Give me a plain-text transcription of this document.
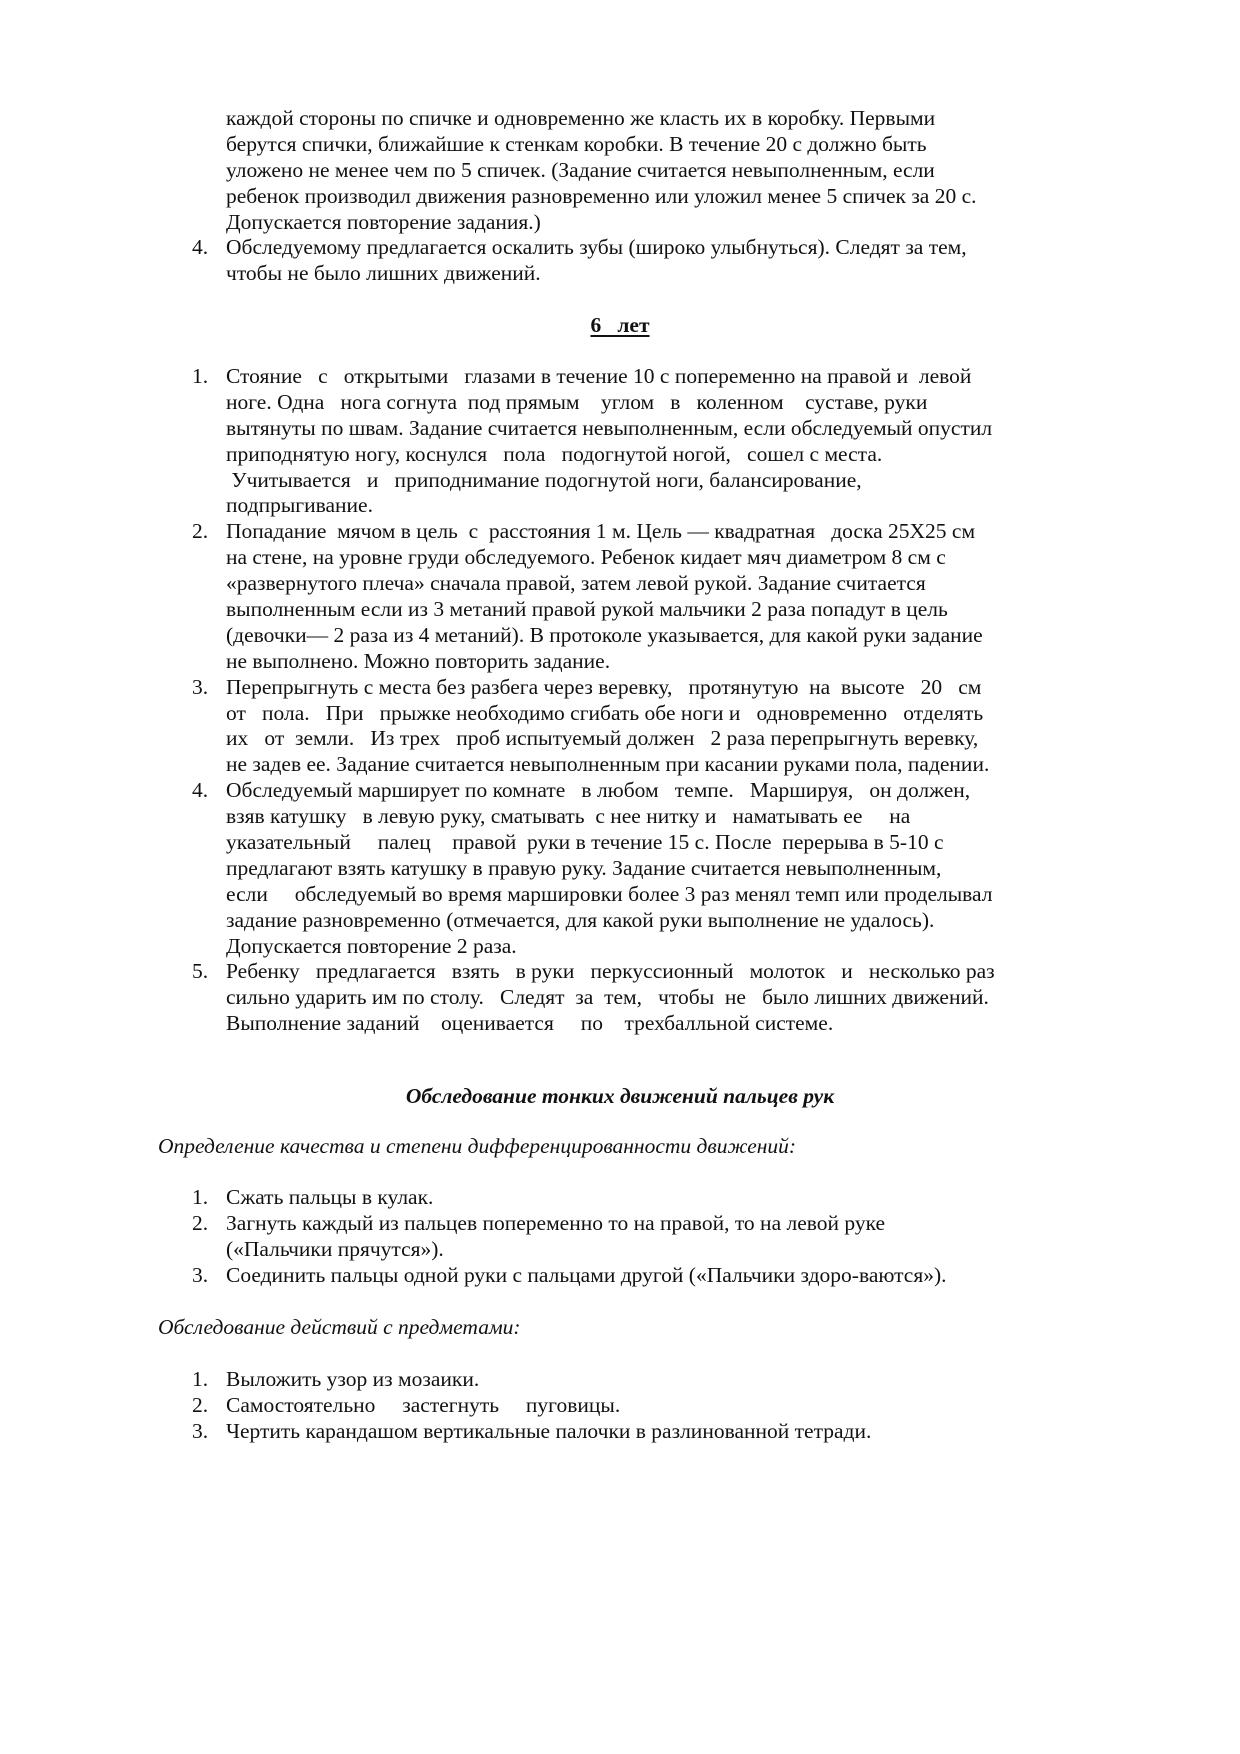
каждой стороны по спичке и одновременно же класть их в коробку. Первыми
берутся спички, ближайшие к стенкам коробки. В течение 20 с должно быть
уложено не менее чем по 5 спичек. (Задание считается невыполненным, если
ребенок производил движения разновременно или уложил менее 5 спичек за 20 с.
Допускается повторение задания.)
4. Обследуемому предлагается оскалить зубы (широко улыбнуться). Следят за тем,
чтобы не было лишних движений.
6   лет
1. Стояние   с   открытыми   глазами в течение 10 с попеременно на правой и  левой
ноге. Одна   нога согнута  под прямым    углом   в   коленном    суставе, руки
вытянуты по швам. Задание считается невыполненным, если обследуемый опустил
приподнятую ногу, коснулся   пола   подогнутой ногой,   сошел с места.
Учитывается   и   приподнимание подогнутой ноги, балансирование,
подпрыгивание.
2. Попадание  мячом в цель  с  расстояния 1 м. Цель — квадратная   доска 25X25 см
на стене, на уровне груди обследуемого. Ребенок кидает мяч диаметром 8 см с
«развернутого плеча» сначала правой, затем левой рукой. Задание считается
выполненным если из 3 метаний правой рукой мальчики 2 раза попадут в цель
(девочки— 2 раза из 4 метаний). В протоколе указывается, для какой руки задание
не выполнено. Можно повторить задание.
3. Перепрыгнуть с места без разбега через веревку,   протянутую  на  высоте   20   см
от   пола.   При   прыжке необходимо сгибать обе ноги и   одновременно   отделять
их   от  земли.   Из трех   проб испытуемый должен   2 раза перепрыгнуть веревку,
не задев ее. Задание считается невыполненным при касании руками пола, падении.
4. Обследуемый марширует по комнате   в любом   темпе.   Маршируя,   он должен,
взяв катушку   в левую руку, сматывать  с нее нитку и   наматывать ее     на
указательный     палец    правой  руки в течение 15 с. После  перерыва в 5-10 с
предлагают взять катушку в правую руку. Задание считается невыполненным,
если     обследуемый во время маршировки более 3 раз менял темп или проделывал
задание разновременно (отмечается, для какой руки выполнение не удалось).
Допускается повторение 2 раза.
5. Ребенку   предлагается   взять   в руки   перкуссионный   молоток   и   несколько раз
сильно ударить им по столу.   Следят  за  тем,   чтобы  не   было лишних движений.
Выполнение заданий    оценивается     по    трехбалльной системе.
Обследование тонких движений пальцев рук
Определение качества и степени дифференцированности движений:
1. Сжать пальцы в кулак.
2. Загнуть каждый из пальцев попеременно то на правой, то на левой руке
(«Пальчики прячутся»).
3. Соединить пальцы одной руки с пальцами другой («Пальчики здоро-ваются»).
Обследование действий с предметами:
1. Выложить узор из мозаики.
2. Самостоятельно     застегнуть     пуговицы.
3. Чертить карандашом вертикальные палочки в разлинованной тетради.
